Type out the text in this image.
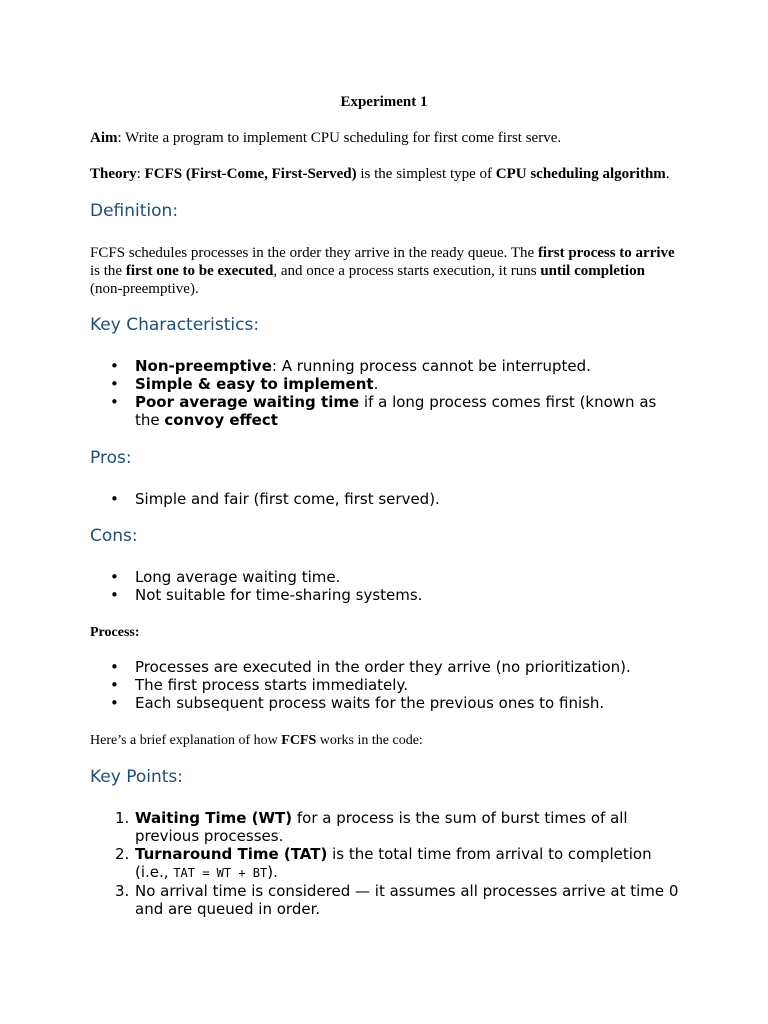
Experiment 1
Aim: Write a program to implement CPU scheduling for first come first serve.
Theory: FCFS (First-Come, First-Served) is the simplest type of CPU scheduling algorithm.
Definition:
FCFS schedules processes in the order they arrive in the ready queue. The first process to arrive is the first one to be executed, and once a process starts execution, it runs until completion (non-preemptive).
Key Characteristics:
• Non-preemptive: A running process cannot be interrupted.
• Simple & easy to implement.
• Poor average waiting time if a long process comes first (known as the convoy effect
Pros:
• Simple and fair (first come, first served).
Cons:
• Long average waiting time.
• Not suitable for time-sharing systems.
Process:
• Processes are executed in the order they arrive (no prioritization).
• The first process starts immediately.
• Each subsequent process waits for the previous ones to finish.
Here’s a brief explanation of how FCFS works in the code:
Key Points:
1. Waiting Time (WT) for a process is the sum of burst times of all previous processes.
2. Turnaround Time (TAT) is the total time from arrival to completion (i.e., TAT = WT + BT).
3. No arrival time is considered — it assumes all processes arrive at time 0 and are queued in order.
